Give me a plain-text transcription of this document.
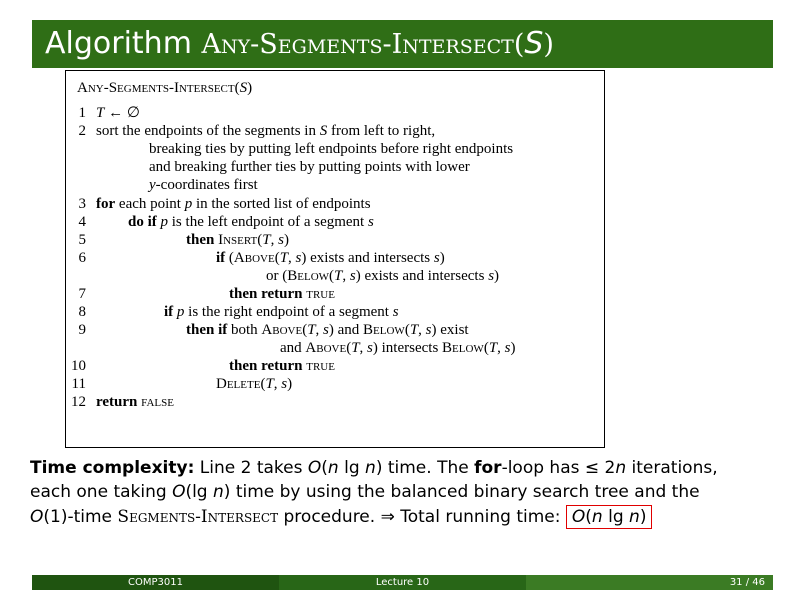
Algorithm Any-Segments-Intersect(S)
Any-Segments-Intersect(S)
1 T ← ∅
2 sort the endpoints of the segments in S from left to right,
breaking ties by putting left endpoints before right endpoints
and breaking further ties by putting points with lower
y-coordinates first
3 for each point p in the sorted list of endpoints
4	do if p is the left endpoint of a segment s
5	then Insert(T, s)
6	if (Above(T, s) exists and intersects s)
or (Below(T, s) exists and intersects s)
7	then return true
8	if p is the right endpoint of a segment s
9	then if both Above(T, s) and Below(T, s) exist
and Above(T, s) intersects Below(T, s)
10	then return true
11	Delete(T, s)
12 return false
Time complexity: Line 2 takes O(n lg n) time. The for-loop has ≤ 2n iterations,
each one taking O(lg n) time by using the balanced binary search tree and the
O(1)-time Segments-Intersect procedure. ⇒ Total running time: O(n lg n)
COMP3011	Lecture 10	31 / 46
